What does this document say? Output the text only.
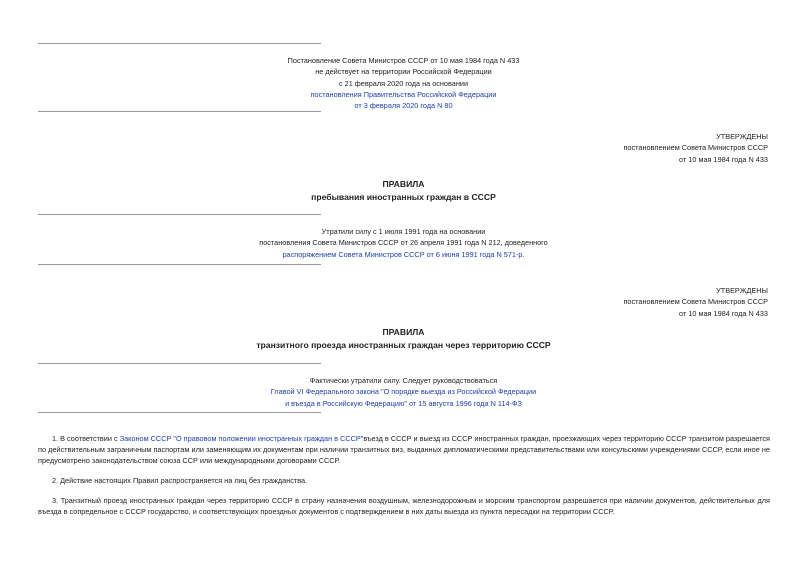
Постановление Совета Министров СССР от 10 мая 1984 года N 433
не действует на территории Российской Федерации
с 21 февраля 2020 года на основании
постановления Правительства Российской Федерации
от 3 февраля 2020 года N 80
УТВЕРЖДЕНЫ
постановлением Совета Министров СССР
от 10 мая 1984 года N 433
ПРАВИЛА
пребывания иностранных граждан в СССР
Утратили силу с 1 июля 1991 года на основании
постановления Совета Министров СССР от 26 апреля 1991 года N 212, доведенного
распоряжением Совета Министров СССР от 6 июня 1991 года N 571-р.
УТВЕРЖДЕНЫ
постановлением Совета Министров СССР
от 10 мая 1984 года N 433
ПРАВИЛА
транзитного проезда иностранных граждан через территорию СССР
Фактически утратили силу. Следует руководствоваться
Главой VI Федерального закона "О порядке выезда из Российской Федерации
и въезда в Российскую Федерацию" от 15 августа 1996 года N 114-ФЗ

1. В соответствии с Законом СССР "О правовом положении иностранных граждан в СССР"въезд в СССР и выезд из СССР иностранных граждан, проезжающих через территорию СССР транзитом разрешается по действительным заграничным паспортам или заменяющим их документам при наличии транзитных виз, выданных дипломатическими представительствами или консульскими учреждениями СССР, если иное не предусмотрено законодательством союза ССР или международными договорами СССР.

2. Действие настоящих Правил распространяется на лиц без гражданства.

3. Транзитный проезд иностранных граждан через территорию СССР в страну назначения воздушным, железнодорожным и морским транспортом разрешается при наличии документов, действительных для въезда в сопредельное с СССР государство, и соответствующих проездных документов с подтверждением в них даты выезда из пункта пересадки на территории СССР.
